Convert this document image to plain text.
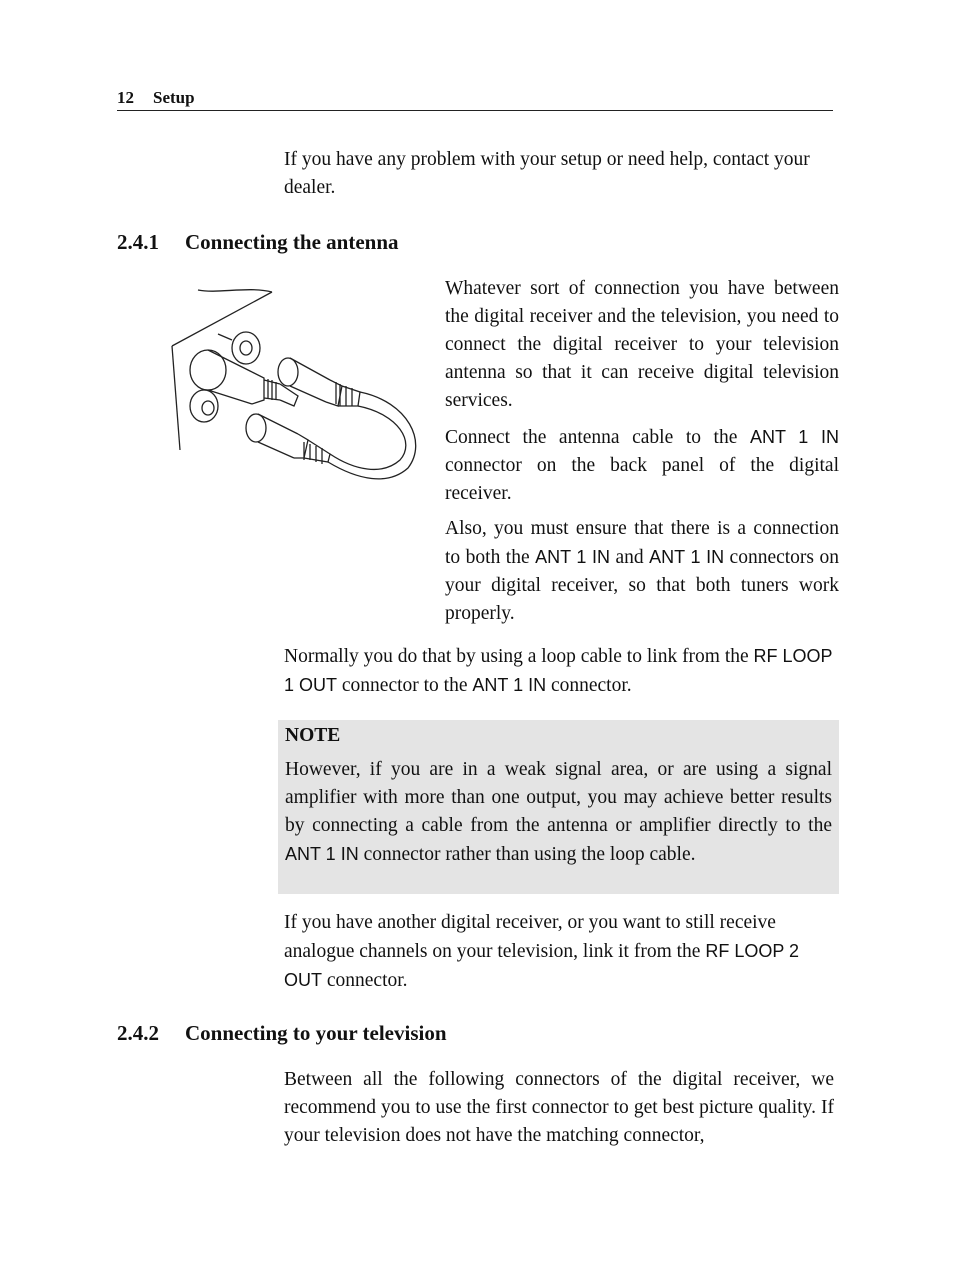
12 Setup
If you have any problem with your setup or need help, contact your dealer.
2.4.1 Connecting the antenna
Whatever sort of connection you have between the digital receiver and the television, you need to connect the digital receiver to your television antenna so that it can receive digital television services.
Connect the antenna cable to the ANT 1 IN connector on the back panel of the digital receiver.
Also, you must ensure that there is a connection to both the ANT 1 IN and ANT 1 IN connectors on your digital receiver, so that both tuners work properly.
Normally you do that by using a loop cable to link from the RF LOOP 1 OUT connector to the ANT 1 IN connector.
NOTE
However, if you are in a weak signal area, or are using a signal amplifier with more than one output, you may achieve better results by connecting a cable from the antenna or amplifier directly to the ANT 1 IN connector rather than using the loop cable.
If you have another digital receiver, or you want to still receive analogue channels on your television, link it from the RF LOOP 2 OUT connector.
2.4.2 Connecting to your television
Between all the following connectors of the digital receiver, we recommend you to use the first connector to get best picture quality. If your television does not have the matching connector,
